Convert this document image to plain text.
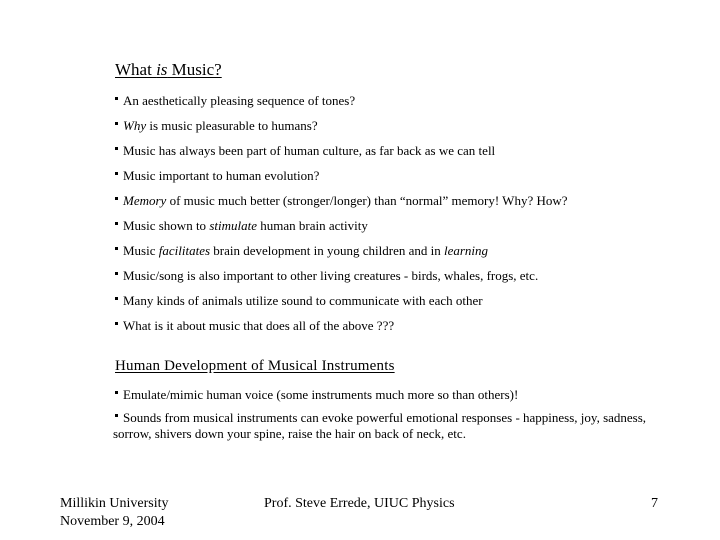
What is Music?
An aesthetically pleasing sequence of tones?
Why is music pleasurable to humans?
Music has always been part of human culture, as far back as we can tell
Music important to human evolution?
Memory of music much better (stronger/longer) than “normal” memory! Why? How?
Music shown to stimulate human brain activity
Music facilitates brain development in young children and in learning
Music/song is also important to other living creatures - birds, whales, frogs, etc.
Many kinds of animals utilize sound to communicate with each other
What is it about music that does all of the above ???
Human Development of Musical Instruments
Emulate/mimic human voice (some instruments much more so than others)!
Sounds from musical instruments can evoke powerful emotional responses - happiness, joy, sadness, sorrow, shivers down your spine, raise the hair on back of neck, etc.
Millikin University
November 9, 2004
Prof. Steve Errede, UIUC Physics	7
